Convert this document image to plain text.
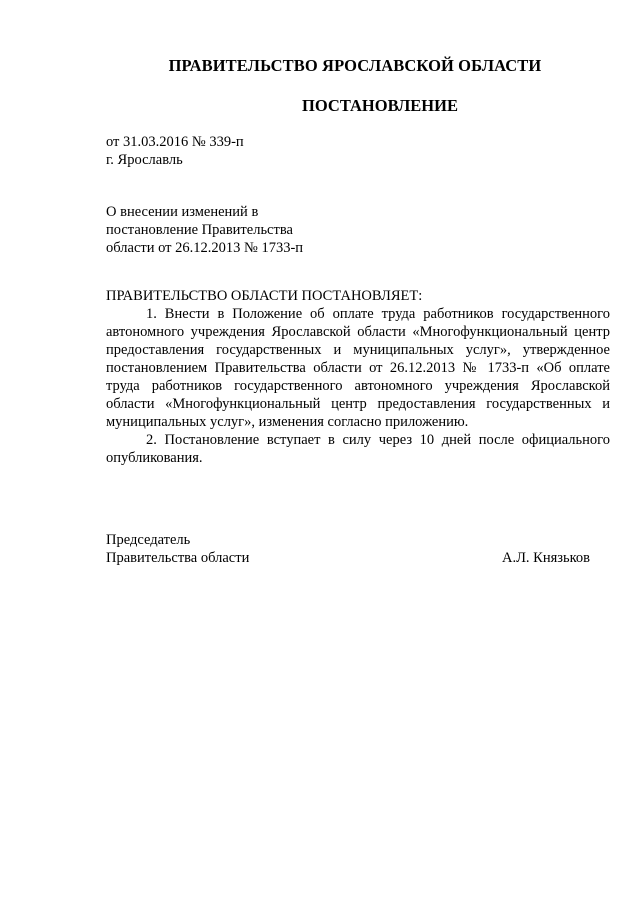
ПРАВИТЕЛЬСТВО ЯРОСЛАВСКОЙ ОБЛАСТИ
ПОСТАНОВЛЕНИЕ
от 31.03.2016 № 339-п
г. Ярославль
О внесении изменений в
постановление Правительства
области от 26.12.2013 № 1733-п

ПРАВИТЕЛЬСТВО ОБЛАСТИ ПОСТАНОВЛЯЕТ:

1. Внести в Положение об оплате труда работников государственного автономного учреждения Ярославской области «Многофункциональный центр предоставления государственных и муниципальных услуг», утвержденное постановлением Правительства области от 26.12.2013 № 1733-п «Об оплате труда работников государственного автономного учреждения Ярославской области «Многофункциональный центр предоставления государственных и муниципальных услуг», изменения согласно приложению.

2. Постановление вступает в силу через 10 дней после официального опубликования.

Председатель
Правительства области	А.Л. Князьков
